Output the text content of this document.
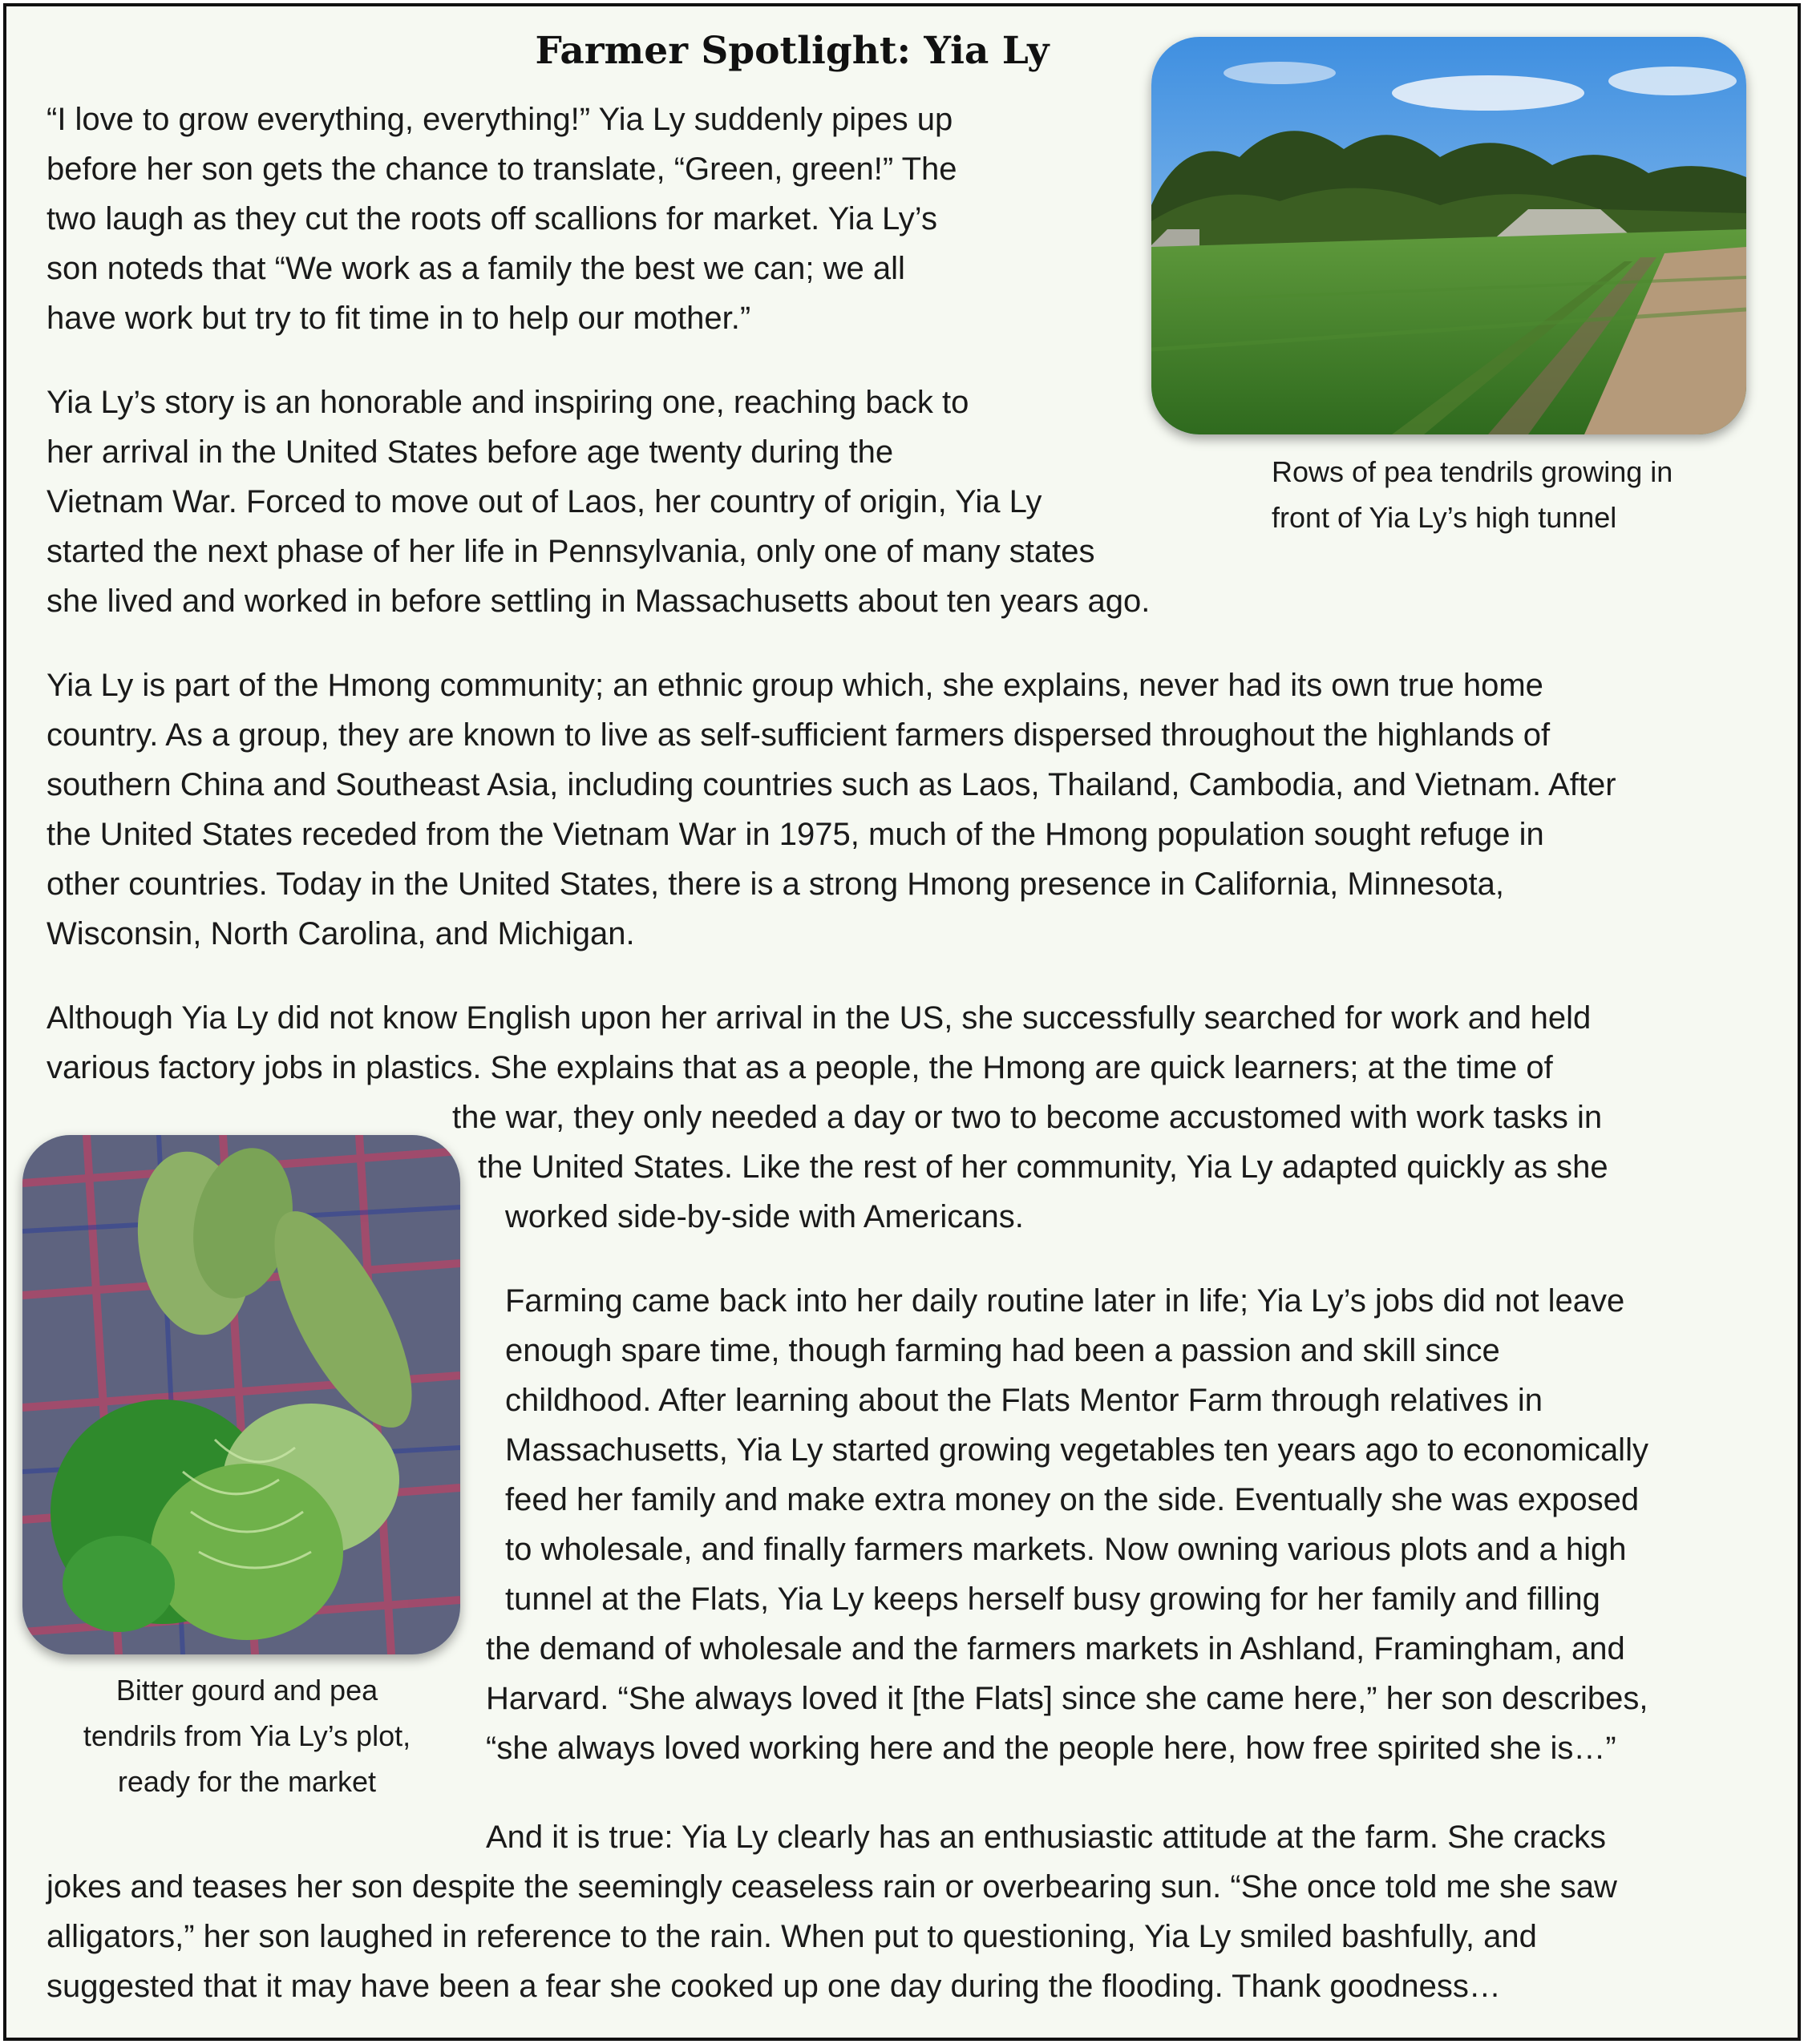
Farmer Spotlight: Yia Ly
Rows of pea tendrils growing in
front of Yia Ly’s high tunnel
Bitter gourd and pea
tendrils from Yia Ly’s plot,
ready for the market
“I love to grow everything, everything!” Yia Ly suddenly pipes up
before her son gets the chance to translate, “Green, green!” The
two laugh as they cut the roots off scallions for market. Yia Ly’s
son noteds that “We work as a family the best we can; we all
have work but try to fit time in to help our mother.”
Yia Ly’s story is an honorable and inspiring one, reaching back to
her arrival in the United States before age twenty during the
Vietnam War. Forced to move out of Laos, her country of origin, Yia Ly
started the next phase of her life in Pennsylvania, only one of many states
she lived and worked in before settling in Massachusetts about ten years ago.
Yia Ly is part of the Hmong community; an ethnic group which, she explains, never had its own true home
country. As a group, they are known to live as self-sufficient farmers dispersed throughout the highlands of
southern China and Southeast Asia, including countries such as Laos, Thailand, Cambodia, and Vietnam. After
the United States receded from the Vietnam War in 1975, much of the Hmong population sought refuge in
other countries. Today in the United States, there is a strong Hmong presence in California, Minnesota,
Wisconsin, North Carolina, and Michigan.
Although Yia Ly did not know English upon her arrival in the US, she successfully searched for work and held
various factory jobs in plastics. She explains that as a people, the Hmong are quick learners; at the time of
the war, they only needed a day or two to become accustomed with work tasks in
the United States. Like the rest of her community, Yia Ly adapted quickly as she
worked side-by-side with Americans.
Farming came back into her daily routine later in life; Yia Ly’s jobs did not leave
enough spare time, though farming had been a passion and skill since
childhood. After learning about the Flats Mentor Farm through relatives in
Massachusetts, Yia Ly started growing vegetables ten years ago to economically
feed her family and make extra money on the side. Eventually she was exposed
to wholesale, and finally farmers markets. Now owning various plots and a high
tunnel at the Flats, Yia Ly keeps herself busy growing for her family and filling
the demand of wholesale and the farmers markets in Ashland, Framingham, and
Harvard. “She always loved it [the Flats] since she came here,” her son describes,
“she always loved working here and the people here, how free spirited she is…”
And it is true: Yia Ly clearly has an enthusiastic attitude at the farm. She cracks
jokes and teases her son despite the seemingly ceaseless rain or overbearing sun. “She once told me she saw
alligators,” her son laughed in reference to the rain. When put to questioning, Yia Ly smiled bashfully, and
suggested that it may have been a fear she cooked up one day during the flooding. Thank goodness…
